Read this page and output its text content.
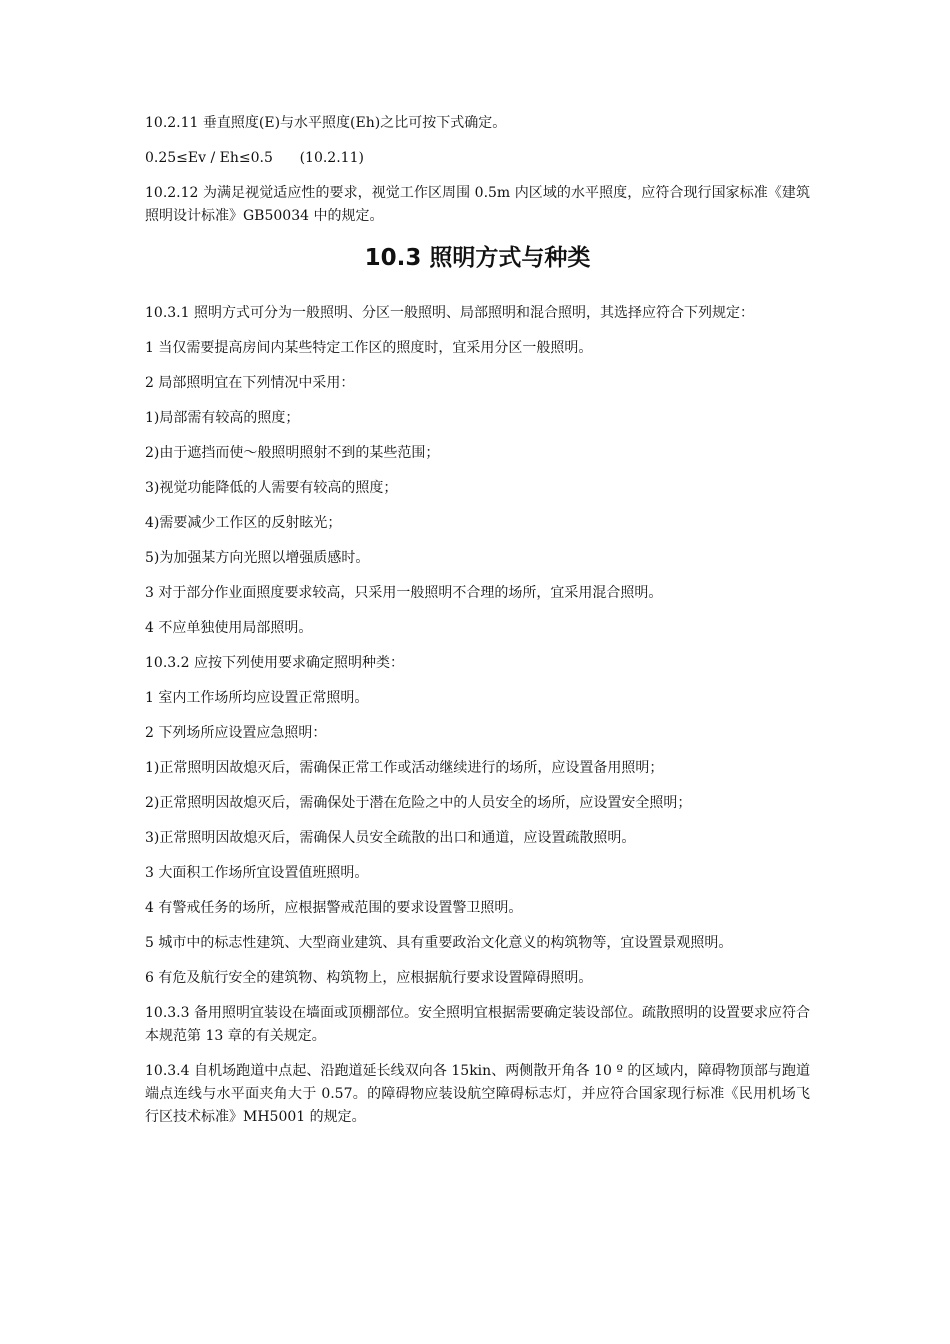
10.2.11 垂直照度(E)与水平照度(Eh)之比可按下式确定。

0.25≤Ev / Eh≤0.5      (10.2.11)

10.2.12 为满足视觉适应性的要求，视觉工作区周围 0.5m 内区域的水平照度，应符合现行国家标准《建筑照明设计标准》GB50034 中的规定。

10.3 照明方式与种类

10.3.1 照明方式可分为一般照明、分区一般照明、局部照明和混合照明，其选择应符合下列规定：

1 当仅需要提高房间内某些特定工作区的照度时，宜采用分区一般照明。

2 局部照明宜在下列情况中采用：

1)局部需有较高的照度；

2)由于遮挡而使～般照明照射不到的某些范围；

3)视觉功能降低的人需要有较高的照度；

4)需要减少工作区的反射眩光；

5)为加强某方向光照以增强质感时。

3 对于部分作业面照度要求较高，只采用一般照明不合理的场所，宜采用混合照明。

4 不应单独使用局部照明。

10.3.2 应按下列使用要求确定照明种类：

1 室内工作场所均应设置正常照明。

2 下列场所应设置应急照明：

1)正常照明因故熄灭后，需确保正常工作或活动继续进行的场所，应设置备用照明；

2)正常照明因故熄灭后，需确保处于潜在危险之中的人员安全的场所，应设置安全照明；

3)正常照明因故熄灭后，需确保人员安全疏散的出口和通道，应设置疏散照明。

3 大面积工作场所宜设置值班照明。

4 有警戒任务的场所，应根据警戒范围的要求设置警卫照明。

5 城市中的标志性建筑、大型商业建筑、具有重要政治文化意义的构筑物等，宜设置景观照明。

6 有危及航行安全的建筑物、构筑物上，应根据航行要求设置障碍照明。

10.3.3 备用照明宜装设在墙面或顶棚部位。安全照明宜根据需要确定装设部位。疏散照明的设置要求应符合本规范第 13 章的有关规定。

10.3.4 自机场跑道中点起、沿跑道延长线双向各 15kin、两侧散开角各 10 º 的区域内，障碍物顶部与跑道端点连线与水平面夹角大于 0.57。的障碍物应装设航空障碍标志灯，并应符合国家现行标准《民用机场飞行区技术标准》MH5001 的规定。
